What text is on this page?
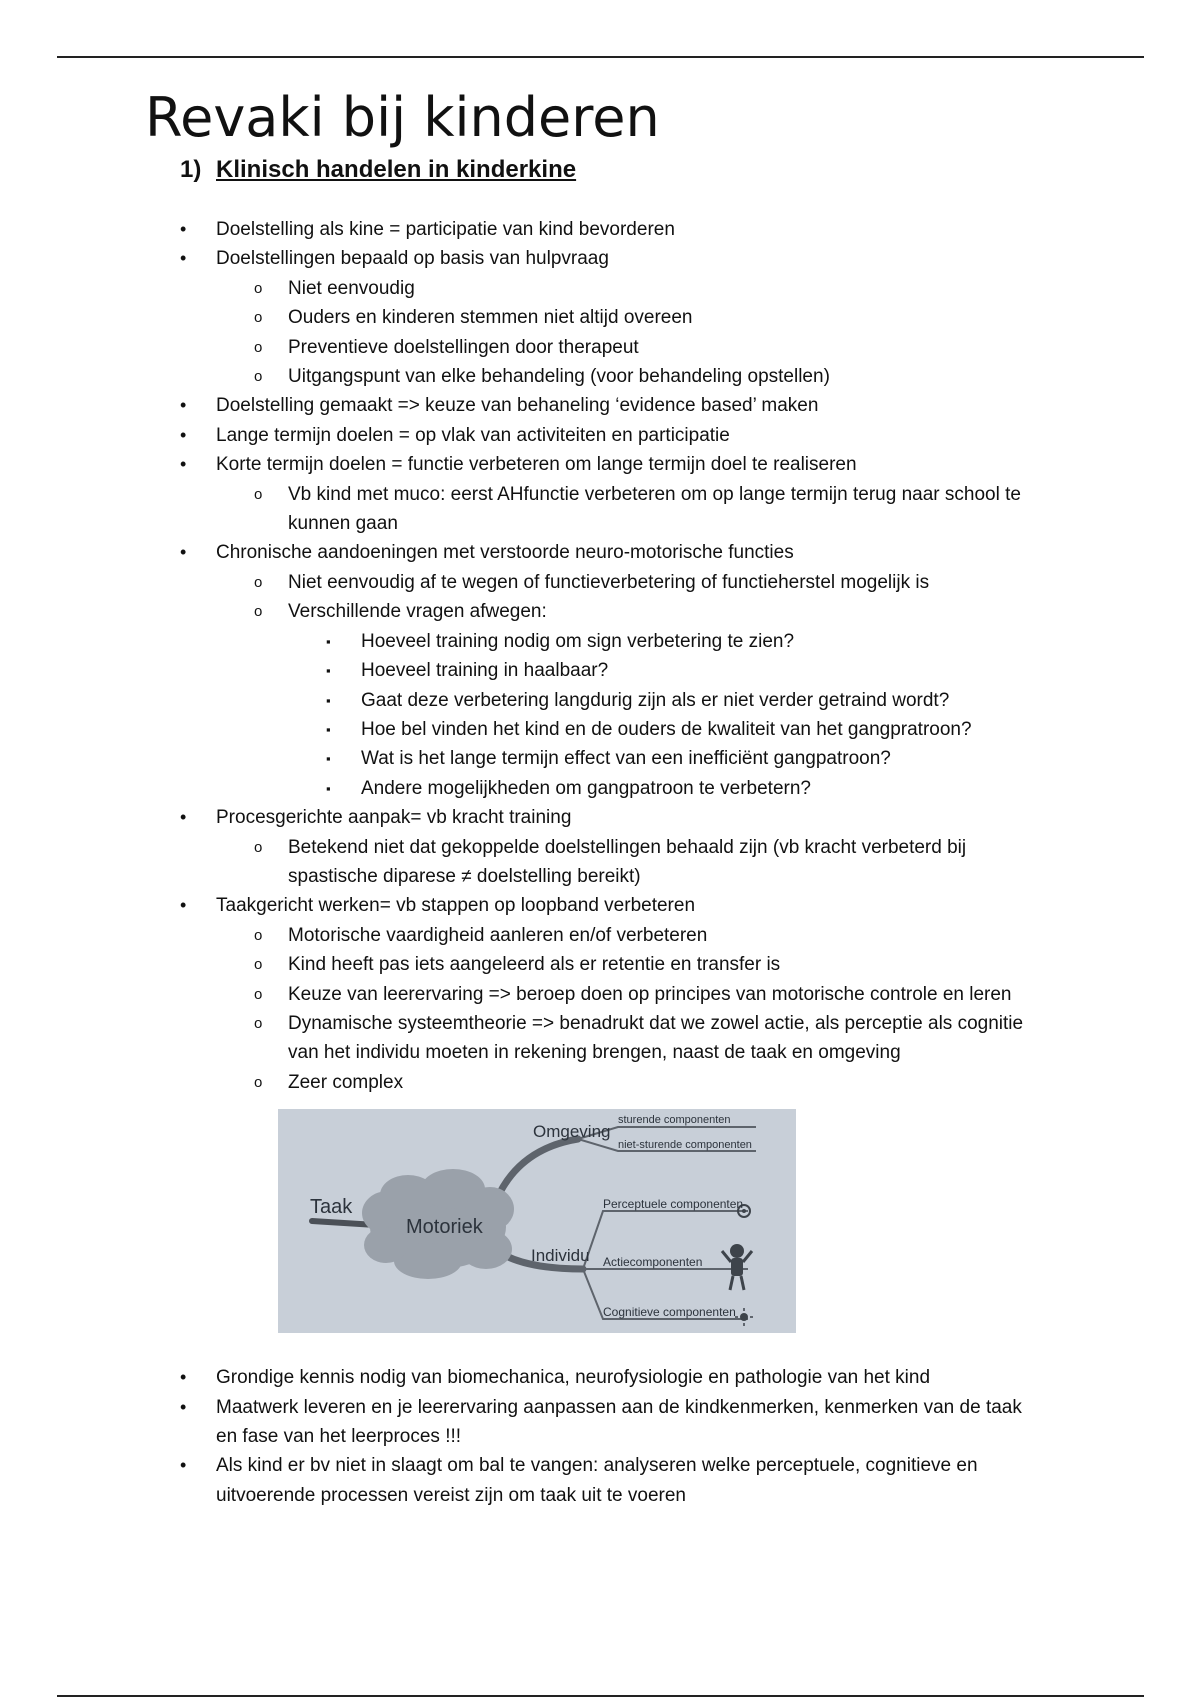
Revaki bij kinderen
1) Klinisch handelen in kinderkine
• Doelstelling als kine = participatie van kind bevorderen
• Doelstellingen bepaald op basis van hulpvraag
o Niet eenvoudig
o Ouders en kinderen stemmen niet altijd overeen
o Preventieve doelstellingen door therapeut
o Uitgangspunt van elke behandeling (voor behandeling opstellen)
• Doelstelling gemaakt => keuze van behaneling ‘evidence based’ maken
• Lange termijn doelen = op vlak van activiteiten en participatie
• Korte termijn doelen = functie verbeteren om lange termijn doel te realiseren
o Vb kind met muco: eerst AHfunctie verbeteren om op lange termijn terug naar school te kunnen gaan
• Chronische aandoeningen met verstoorde neuro-motorische functies
o Niet eenvoudig af te wegen of functieverbetering of functieherstel mogelijk is
o Verschillende vragen afwegen:
▪ Hoeveel training nodig om sign verbetering te zien?
▪ Hoeveel training in haalbaar?
▪ Gaat deze verbetering langdurig zijn als er niet verder getraind wordt?
▪ Hoe bel vinden het kind en de ouders de kwaliteit van het gangpratroon?
▪ Wat is het lange termijn effect van een inefficiënt gangpatroon?
▪ Andere mogelijkheden om gangpatroon te verbetern?
• Procesgerichte aanpak= vb kracht training
o Betekend niet dat gekoppelde doelstellingen behaald zijn (vb kracht verbeterd bij spastische diparese ≠ doelstelling bereikt)
• Taakgericht werken= vb stappen op loopband verbeteren
o Motorische vaardigheid aanleren en/of verbeteren
o Kind heeft pas iets aangeleerd als er retentie en transfer is
o Keuze van leerervaring => beroep doen op principes van motorische controle en leren
o Dynamische systeemtheorie => benadrukt dat we zowel actie, als perceptie als cognitie van het individu moeten in rekening brengen, naast de taak en omgeving
o Zeer complex
Taak
Motoriek
Omgeving
Individu
sturende componenten
niet-sturende componenten
Perceptuele componenten
Actiecomponenten
Cognitieve componenten
• Grondige kennis nodig van biomechanica, neurofysiologie en pathologie van het kind
• Maatwerk leveren en je leerervaring aanpassen aan de kindkenmerken, kenmerken van de taak en fase van het leerproces !!!
• Als kind er bv niet in slaagt om bal te vangen: analyseren welke perceptuele, cognitieve en uitvoerende processen vereist zijn om taak uit te voeren
